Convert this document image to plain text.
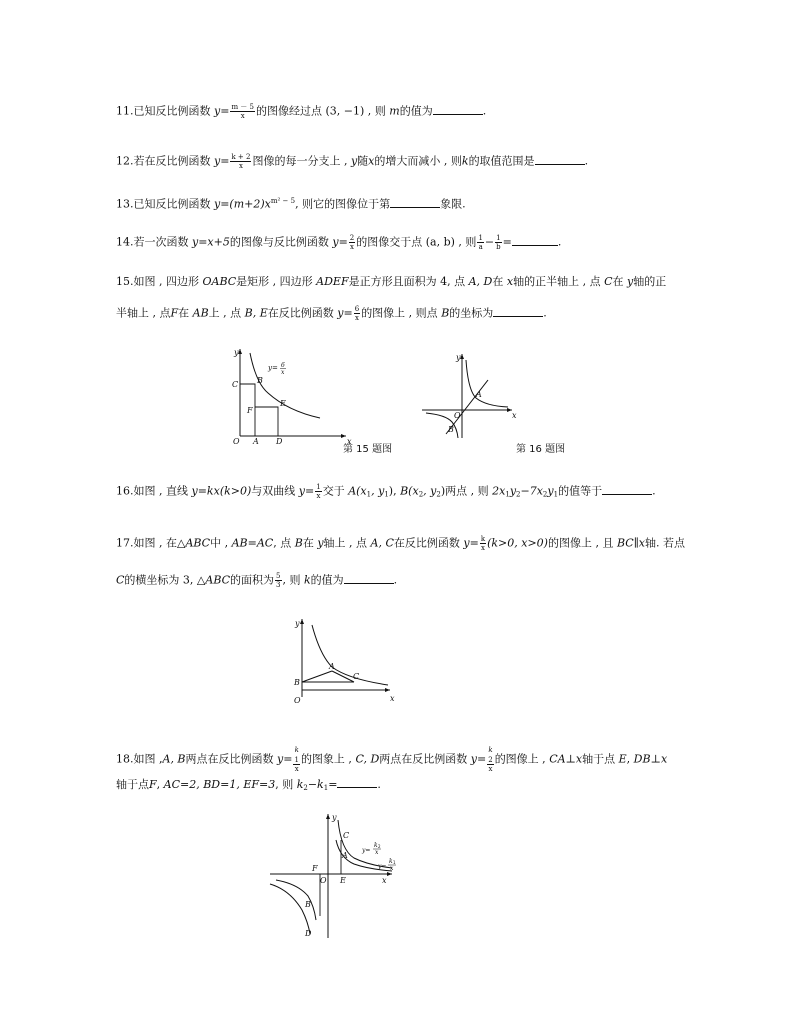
11.已知反比例函数 $y= \frac{m - 5}{x}$ 的图像经过点 (3, −1) , 则 m的值为	.
12.若在反比例函数 $y= \frac{k + 2}{x}$ 图像的每一分支上 , y随x的增大而减小 , 则k的取值范围是	.
13.已知反比例函数 $y=(m+2)x^{m^2 - 5}$, 则它的图像位于第	象限.
14.若一次函数 y=x+5的图像与反比例函数 $y= \frac{2}{x}$ 的图像交于点 (a, b) , 则 $\frac{1}{a} - \frac{1}{b}$ =	.
15.如图 , 四边形 OABC是矩形 , 四边形 ADEF是正方形且面积为 4, 点 A, D在 x轴的正半轴上 , 点 C在 y轴的正
半轴上 , 点F在 AB上 , 点 B, E在反比例函数 $y= \frac{6}{x}$ 的图像上 , 则点 B的坐标为	.
y
x
O A D
C B
F
E
y= 6
x
第 15 题图
y
x
O
A
B
第 16 题图
16.如图 , 直线 y=kx(k>0)与双曲线 $y= \frac{1}{x}$ 交于 $A(x_1$, $y_1$), $B(x_2$, $y_2$)两点 , 则 $2x_1y_2-7x_2y_1$的值等于	.
17.如图 , 在△ABC中 , AB=AC, 点 B在 y轴上 , 点 A, C在反比例函数 $y= \frac{k}{x} (k>0$, x>0)的图像上 , 且 BC∥x轴. 若点
C的横坐标为 3, △ABC的面积为 $\frac{5}{3}$ , 则 k的值为	.
y
x
O
A
B
C
18.如图 ,A, B两点在反比例函数 y= k
$_1$
x 的图象上 , C, D两点在反比例函数 y= k
$_2$
x 的图像上 , CA⊥x轴于点 E, DB⊥x
轴于点F, AC=2, BD=1, EF=3, 则 $k_2-k_1=$	.
y
x
O
A
C
E
F
B
D
y=
k 2
x
y=
k 1
x
